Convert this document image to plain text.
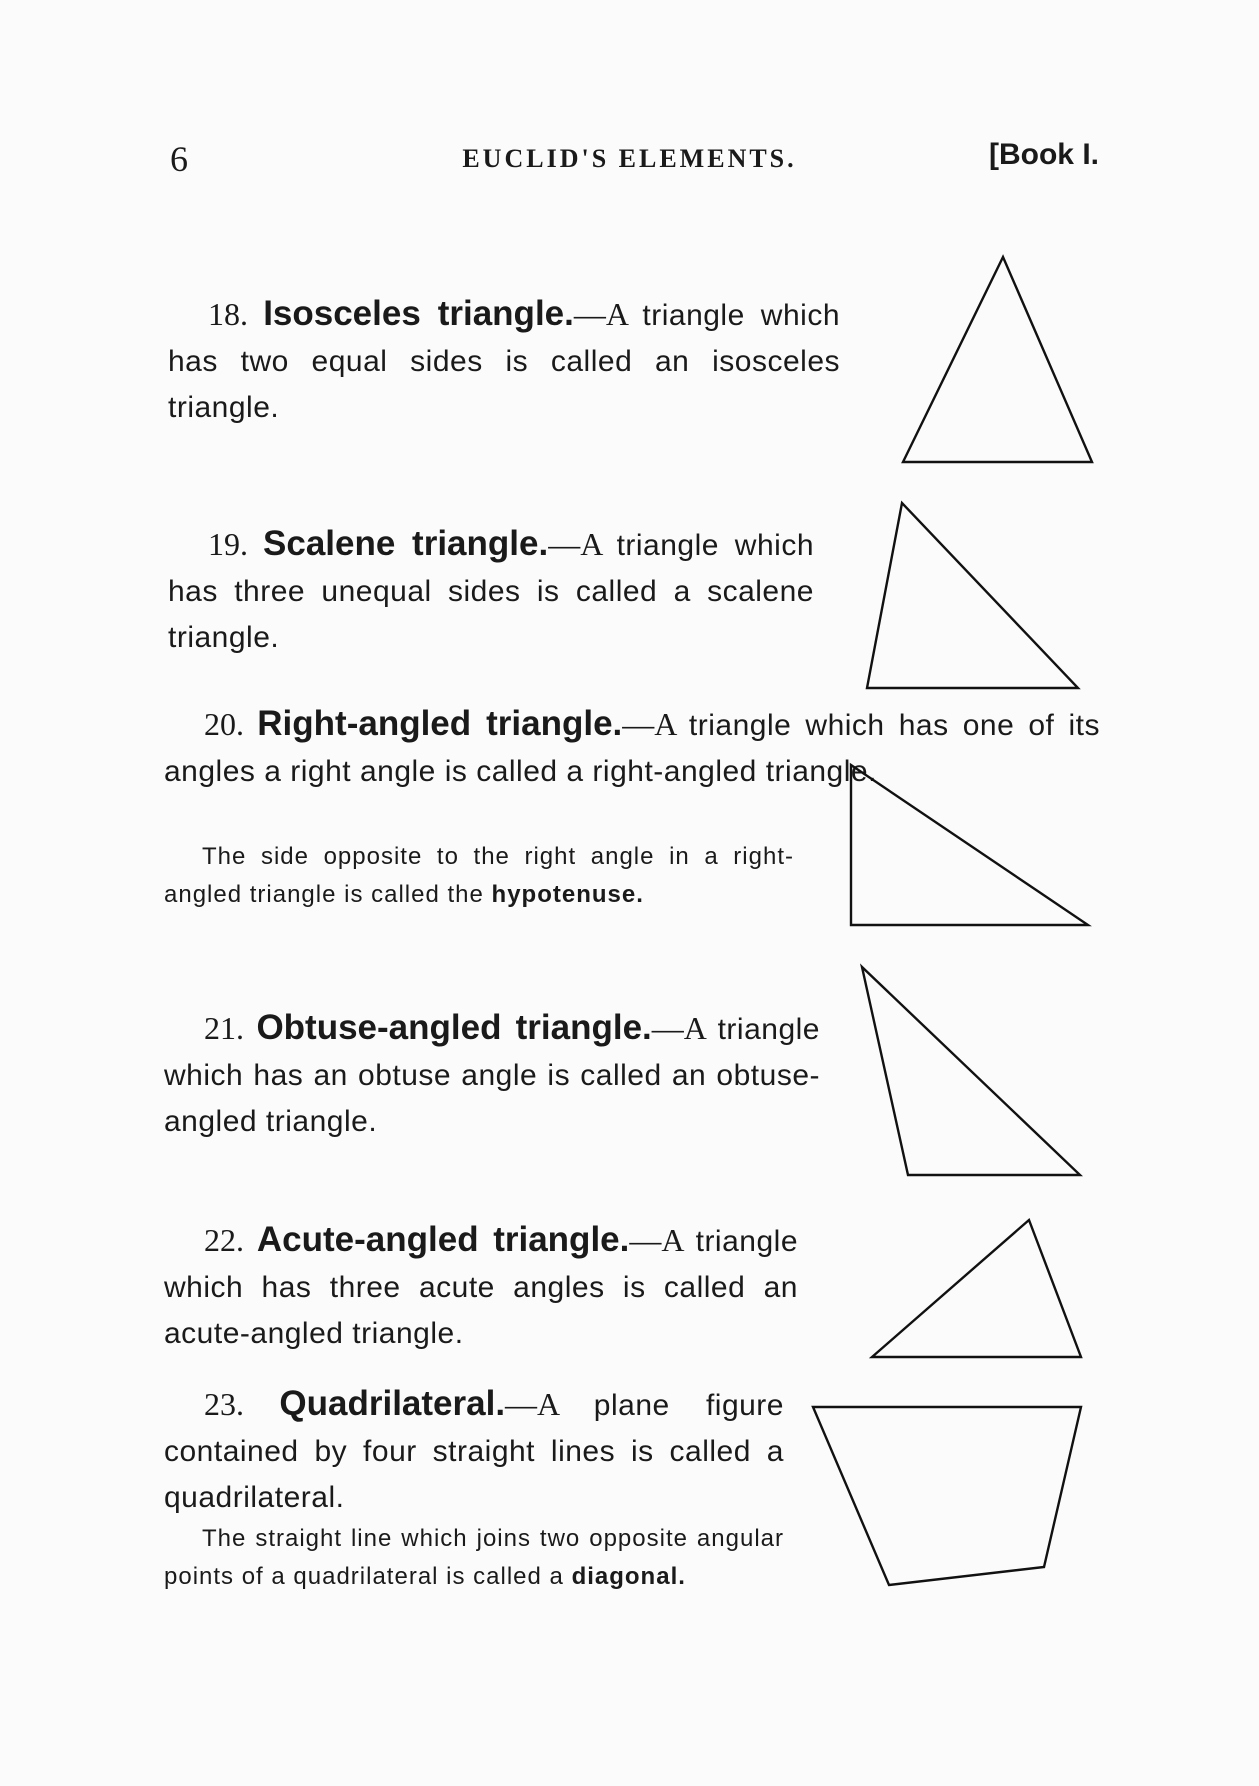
6	EUCLID'S ELEMENTS.	[Book I.
18. Isosceles triangle.—A triangle which has two equal sides is called an isosceles triangle.
19. Scalene triangle.—A triangle which has three unequal sides is called a scalene triangle.
20. Right-angled triangle.—A triangle which has one of its angles a right angle is called a right-angled triangle.
The side opposite to the right angle in a right-angled triangle is called the hypotenuse.
21. Obtuse-angled triangle.—A triangle which has an obtuse angle is called an obtuse-angled triangle.
22. Acute-angled triangle.—A triangle which has three acute angles is called an acute-angled triangle.
23. Quadrilateral.—A plane figure contained by four straight lines is called a quadrilateral.
The straight line which joins two opposite angular points of a quadrilateral is called a diagonal.
